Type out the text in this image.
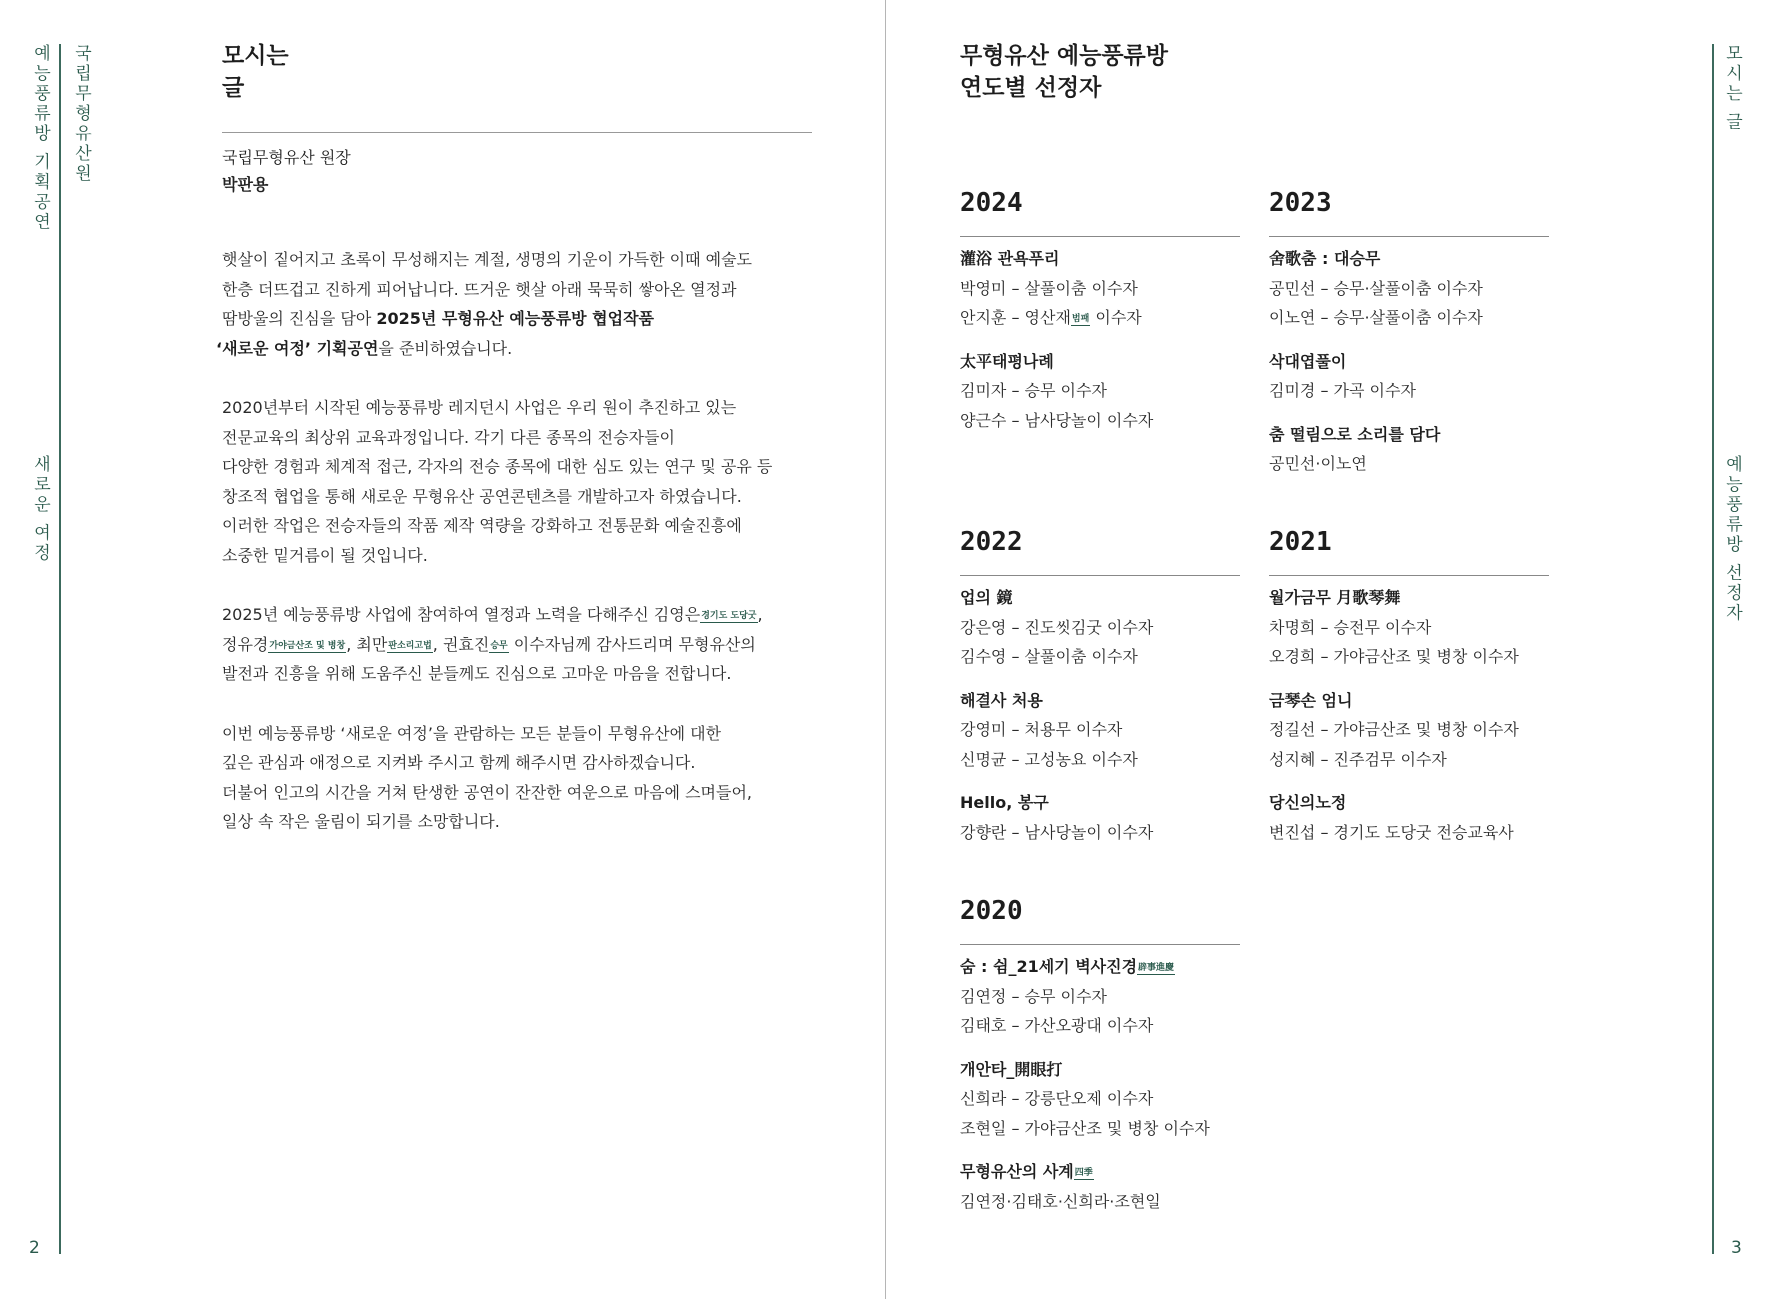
예능풍류방 기획공연 국립무형유산원
새로운 여정
2
모시는
글
국립무형유산 원장
박판용

햇살이 짙어지고 초록이 무성해지는 계절, 생명의 기운이 가득한 이때 예술도
한층 더뜨겁고 진하게 피어납니다. 뜨거운 햇살 아래 묵묵히 쌓아온 열정과
땀방울의 진심을 담아 2025년 무형유산 예능풍류방 협업작품
‘새로운 여정’ 기획공연을 준비하였습니다.

2020년부터 시작된 예능풍류방 레지던시 사업은 우리 원이 추진하고 있는
전문교육의 최상위 교육과정입니다. 각기 다른 종목의 전승자들이
다양한 경험과 체계적 접근, 각자의 전승 종목에 대한 심도 있는 연구 및 공유 등
창조적 협업을 통해 새로운 무형유산 공연콘텐츠를 개발하고자 하였습니다.
이러한 작업은 전승자들의 작품 제작 역량을 강화하고 전통문화 예술진흥에
소중한 밑거름이 될 것입니다.

2025년 예능풍류방 사업에 참여하여 열정과 노력을 다해주신 김영은경기도 도당굿,
정유경가야금산조 및 병창, 최만판소리고법, 권효진승무 이수자님께 감사드리며 무형유산의
발전과 진흥을 위해 도움주신 분들께도 진심으로 고마운 마음을 전합니다.

이번 예능풍류방 ‘새로운 여정’을 관람하는 모든 분들이 무형유산에 대한
깊은 관심과 애정으로 지켜봐 주시고 함께 해주시면 감사하겠습니다.
더불어 인고의 시간을 거쳐 탄생한 공연이 잔잔한 여운으로 마음에 스며들어,
일상 속 작은 울림이 되기를 소망합니다.

무형유산 예능풍류방
연도별 선정자	모시는 글
예능풍류방 선정자
3
2024
灌浴 관욕푸리
박영미 – 살풀이춤 이수자
안지훈 – 영산재범패 이수자
太平태평나례
김미자 – 승무 이수자
양근수 – 남사당놀이 이수자
2023
舍歌춤 : 대승무
공민선 – 승무·살풀이춤 이수자
이노연 – 승무·살풀이춤 이수자
삭대엽풀이
김미경 – 가곡 이수자
춤 떨림으로 소리를 담다
공민선·이노연
2022
업의 鏡
강은영 – 진도씻김굿 이수자
김수영 – 살풀이춤 이수자
해결사 처용
강영미 – 처용무 이수자
신명균 – 고성농요 이수자
Hello, 봉구
강향란 – 남사당놀이 이수자
2021
월가금무 月歌琴舞
차명희 – 승전무 이수자
오경희 – 가야금산조 및 병창 이수자
금琴손 엄니
정길선 – 가야금산조 및 병창 이수자
성지혜 – 진주검무 이수자
당신의노정
변진섭 – 경기도 도당굿 전승교육사
2020
숨 : 쉼_21세기 벽사진경辟事進慶
김연정 – 승무 이수자
김태호 – 가산오광대 이수자
개안타_開眼打
신희라 – 강릉단오제 이수자
조현일 – 가야금산조 및 병창 이수자
무형유산의 사계四季
김연정·김태호·신희라·조현일
